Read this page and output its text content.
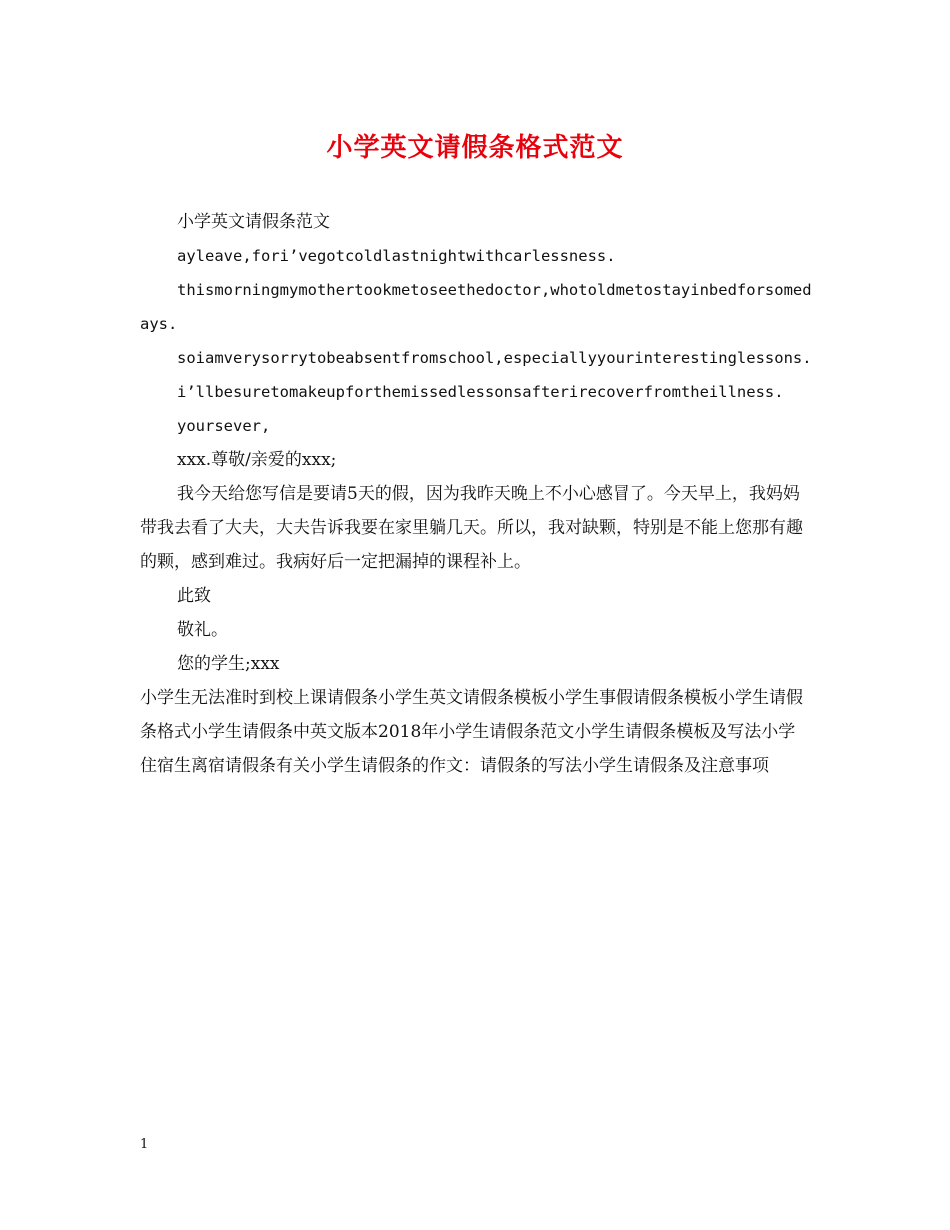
小学英文请假条格式范文

小学英文请假条范文

ayleave,fori’vegotcoldlastnightwithcarlessness.

thismorningmymothertookmetoseethedoctor,whotoldmetostayinbedforsomedays.

soiamverysorrytobeabsentfromschool,especiallyyourinterestinglessons.

i’llbesuretomakeupforthemissedlessonsafterirecoverfromtheillness.

yoursever,

xxx.尊敬/亲爱的xxx;

我今天给您写信是要请5天的假，因为我昨天晚上不小心感冒了。今天早上，我妈妈带我去看了大夫，大夫告诉我要在家里躺几天。所以，我对缺颗，特别是不能上您那有趣的颗，感到难过。我病好后一定把漏掉的课程补上。

此致

敬礼。

您的学生;xxx

小学生无法准时到校上课请假条小学生英文请假条模板小学生事假请假条模板小学生请假条格式小学生请假条中英文版本2018年小学生请假条范文小学生请假条模板及写法小学住宿生离宿请假条有关小学生请假条的作文：请假条的写法小学生请假条及注意事项

1
